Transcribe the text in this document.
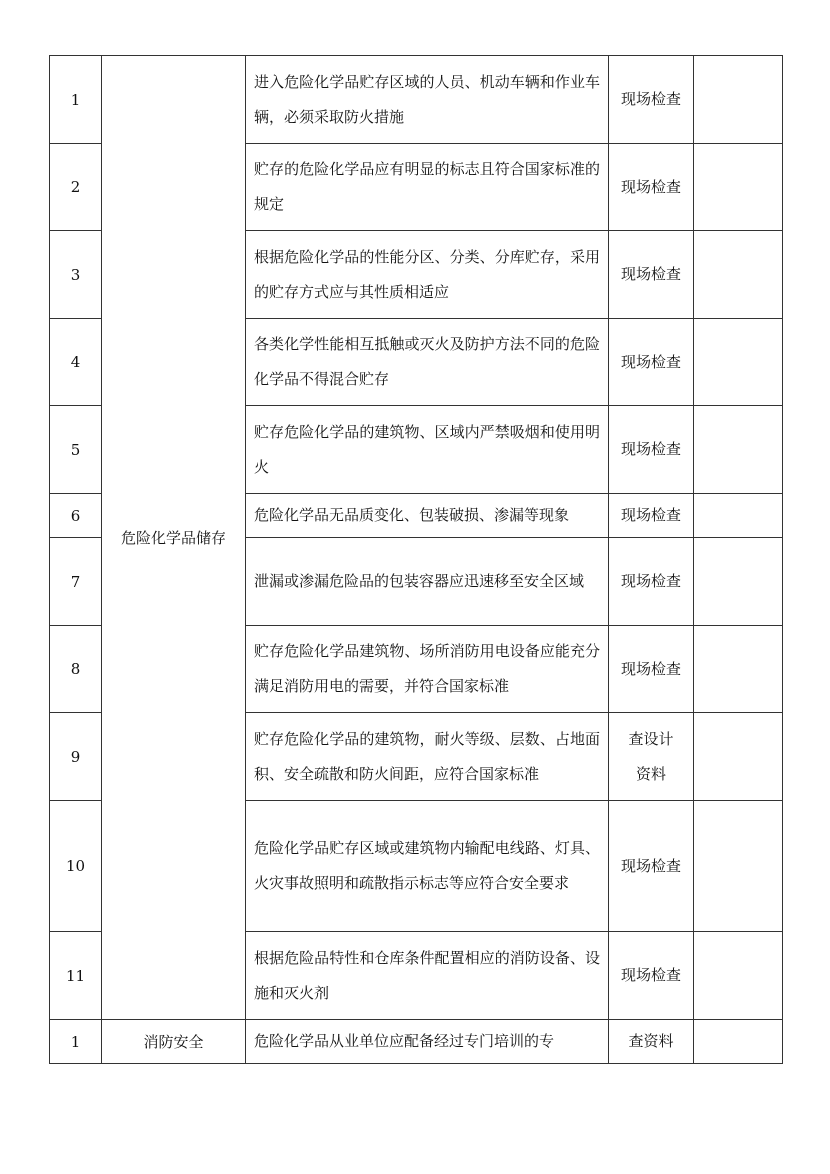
1	危险化学品储存	进入危险化学品贮存区域的人员、机动车辆和作业车辆，必须采取防火措施	现场检查	
2		贮存的危险化学品应有明显的标志且符合国家标准的规定	现场检查	
3		根据危险化学品的性能分区、分类、分库贮存，采用的贮存方式应与其性质相适应	现场检查	
4		各类化学性能相互抵触或灭火及防护方法不同的危险化学品不得混合贮存	现场检查	
5		贮存危险化学品的建筑物、区域内严禁吸烟和使用明火	现场检查	
6		危险化学品无品质变化、包装破损、渗漏等现象	现场检查	
7		泄漏或渗漏危险品的包装容器应迅速移至安全区域	现场检查	
8		贮存危险化学品建筑物、场所消防用电设备应能充分满足消防用电的需要，并符合国家标准	现场检查	
9		贮存危险化学品的建筑物，耐火等级、层数、占地面积、安全疏散和防火间距，应符合国家标准	查设计资料	
10		危险化学品贮存区域或建筑物内输配电线路、灯具、火灾事故照明和疏散指示标志等应符合安全要求	现场检查	
11		根据危险品特性和仓库条件配置相应的消防设备、设施和灭火剂	现场检查	
1	消防安全	危险化学品从业单位应配备经过专门培训的专	查资料	
